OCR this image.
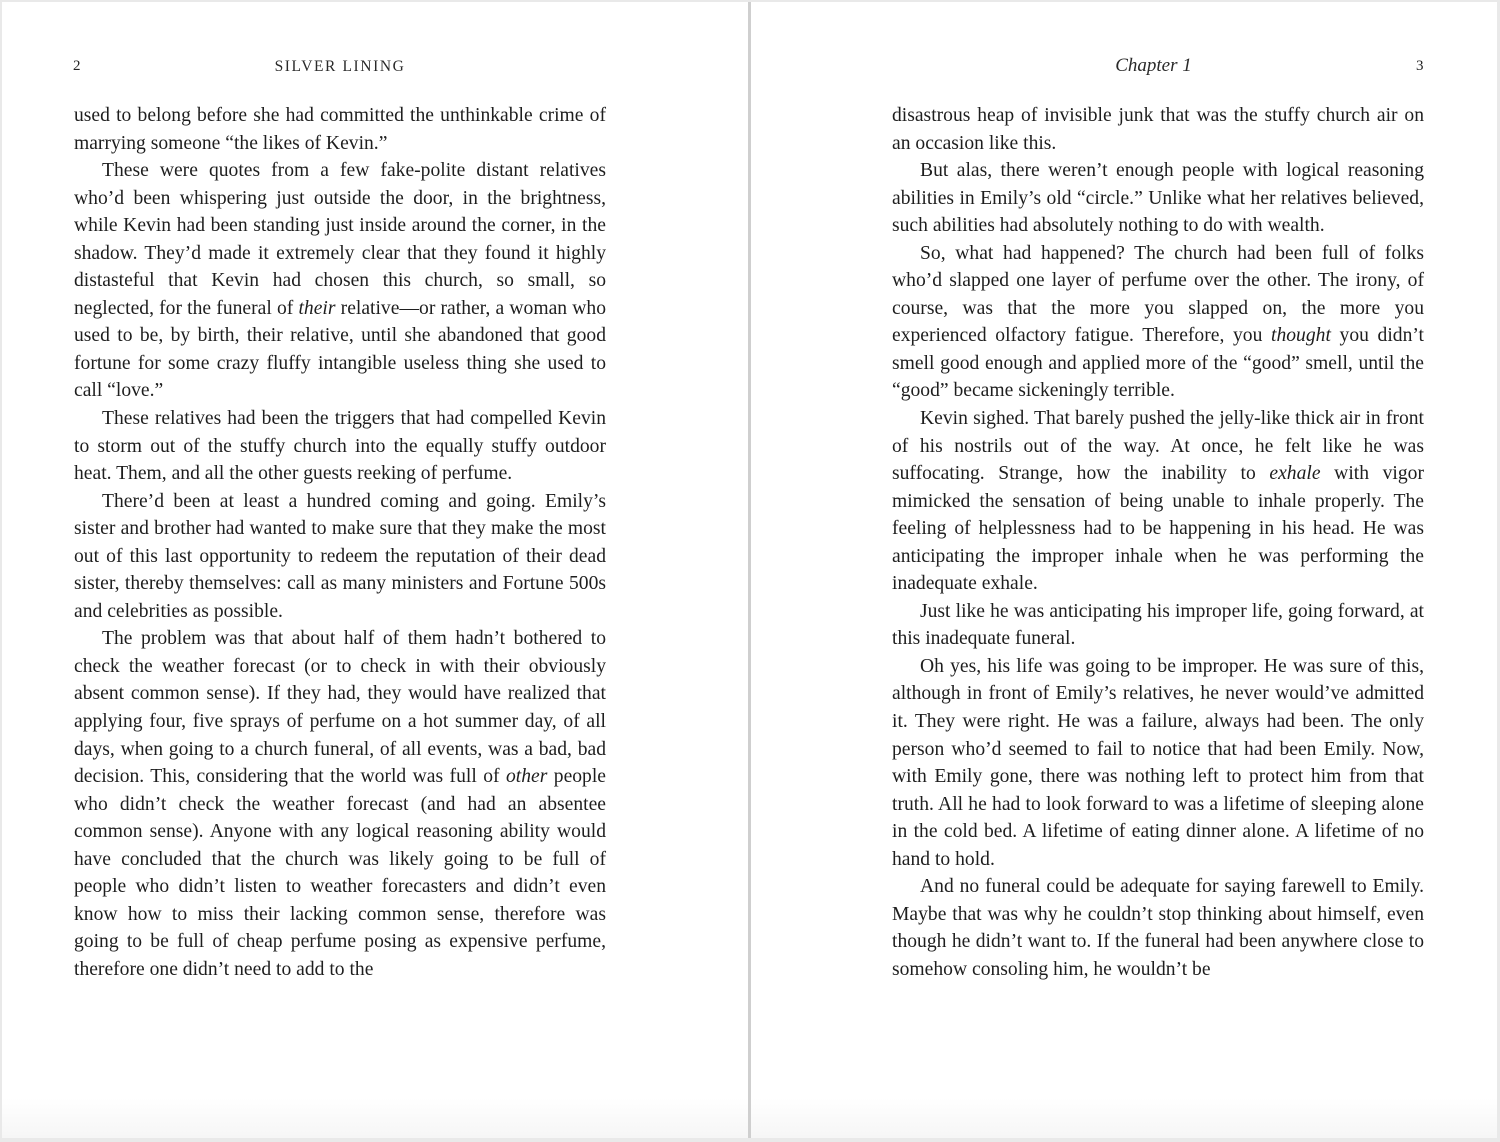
2	SILVER LINING

used to belong before she had committed the unthinkable crime of marrying someone “the likes of Kevin.”

These were quotes from a few fake-polite distant relatives who’d been whispering just outside the door, in the brightness, while Kevin had been standing just inside around the corner, in the shadow. They’d made it extremely clear that they found it highly distasteful that Kevin had chosen this church, so small, so neglected, for the funeral of their relative—or rather, a woman who used to be, by birth, their relative, until she abandoned that good fortune for some crazy fluffy intangible useless thing she used to call “love.”

These relatives had been the triggers that had compelled Kevin to storm out of the stuffy church into the equally stuffy outdoor heat. Them, and all the other guests reeking of perfume.

There’d been at least a hundred coming and going. Emily’s sister and brother had wanted to make sure that they make the most out of this last opportunity to redeem the reputation of their dead sister, thereby themselves: call as many ministers and Fortune 500s and celebrities as possible.

The problem was that about half of them hadn’t bothered to check the weather forecast (or to check in with their obviously absent common sense). If they had, they would have realized that applying four, five sprays of perfume on a hot summer day, of all days, when going to a church funeral, of all events, was a bad, bad decision. This, considering that the world was full of other people who didn’t check the weather forecast (and had an absentee common sense). Anyone with any logical reasoning ability would have concluded that the church was likely going to be full of people who didn’t listen to weather forecasters and didn’t even know how to miss their lacking common sense, therefore was going to be full of cheap perfume posing as expensive perfume, therefore one didn’t need to add to the

Chapter 1	3

disastrous heap of invisible junk that was the stuffy church air on an occasion like this.

But alas, there weren’t enough people with logical reasoning abilities in Emily’s old “circle.” Unlike what her relatives believed, such abilities had absolutely nothing to do with wealth.

So, what had happened? The church had been full of folks who’d slapped one layer of perfume over the other. The irony, of course, was that the more you slapped on, the more you experienced olfactory fatigue. Therefore, you thought you didn’t smell good enough and applied more of the “good” smell, until the “good” became sickeningly terrible.

Kevin sighed. That barely pushed the jelly-like thick air in front of his nostrils out of the way. At once, he felt like he was suffocating. Strange, how the inability to exhale with vigor mimicked the sensation of being unable to inhale properly. The feeling of helplessness had to be happening in his head. He was anticipating the improper inhale when he was performing the inadequate exhale.

Just like he was anticipating his improper life, going forward, at this inadequate funeral.

Oh yes, his life was going to be improper. He was sure of this, although in front of Emily’s relatives, he never would’ve admitted it. They were right. He was a failure, always had been. The only person who’d seemed to fail to notice that had been Emily. Now, with Emily gone, there was nothing left to protect him from that truth. All he had to look forward to was a lifetime of sleeping alone in the cold bed. A lifetime of eating dinner alone. A lifetime of no hand to hold.

And no funeral could be adequate for saying farewell to Emily. Maybe that was why he couldn’t stop thinking about himself, even though he didn’t want to. If the funeral had been anywhere close to somehow consoling him, he wouldn’t be
